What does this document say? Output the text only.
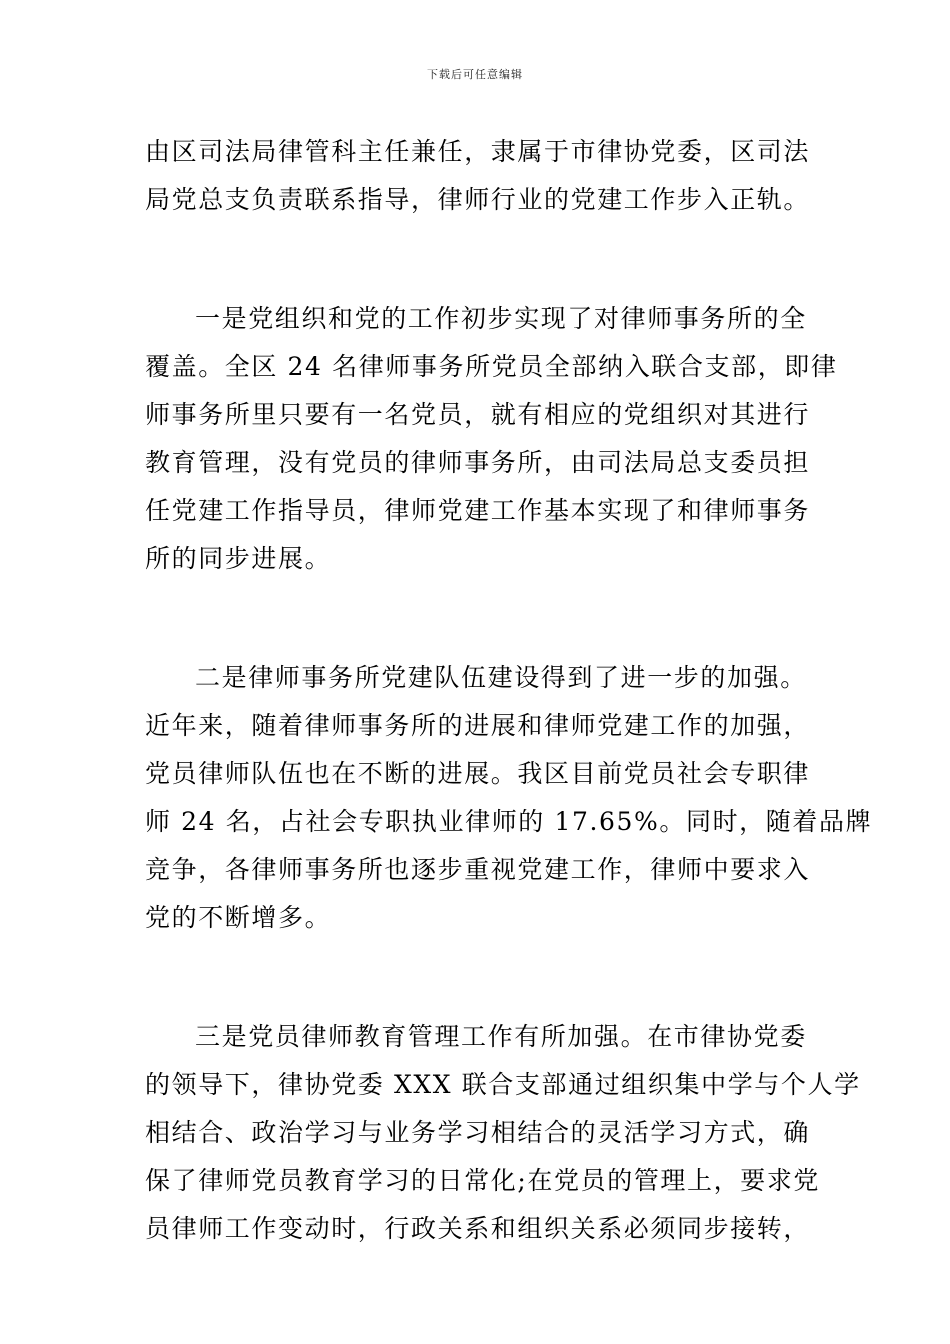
下载后可任意编辑
由区司法局律管科主任兼任，隶属于市律协党委，区司法
局党总支负责联系指导，律师行业的党建工作步入正轨。
一是党组织和党的工作初步实现了对律师事务所的全
覆盖。全区 24 名律师事务所党员全部纳入联合支部，即律
师事务所里只要有一名党员，就有相应的党组织对其进行
教育管理，没有党员的律师事务所，由司法局总支委员担
任党建工作指导员，律师党建工作基本实现了和律师事务
所的同步进展。
二是律师事务所党建队伍建设得到了进一步的加强。
近年来，随着律师事务所的进展和律师党建工作的加强，
党员律师队伍也在不断的进展。我区目前党员社会专职律
师 24 名，占社会专职执业律师的 17.65%。同时，随着品牌
竞争，各律师事务所也逐步重视党建工作，律师中要求入
党的不断增多。
三是党员律师教育管理工作有所加强。在市律协党委
的领导下，律协党委 XXX 联合支部通过组织集中学与个人学
相结合、政治学习与业务学习相结合的灵活学习方式，确
保了律师党员教育学习的日常化;在党员的管理上，要求党
员律师工作变动时，行政关系和组织关系必须同步接转，
